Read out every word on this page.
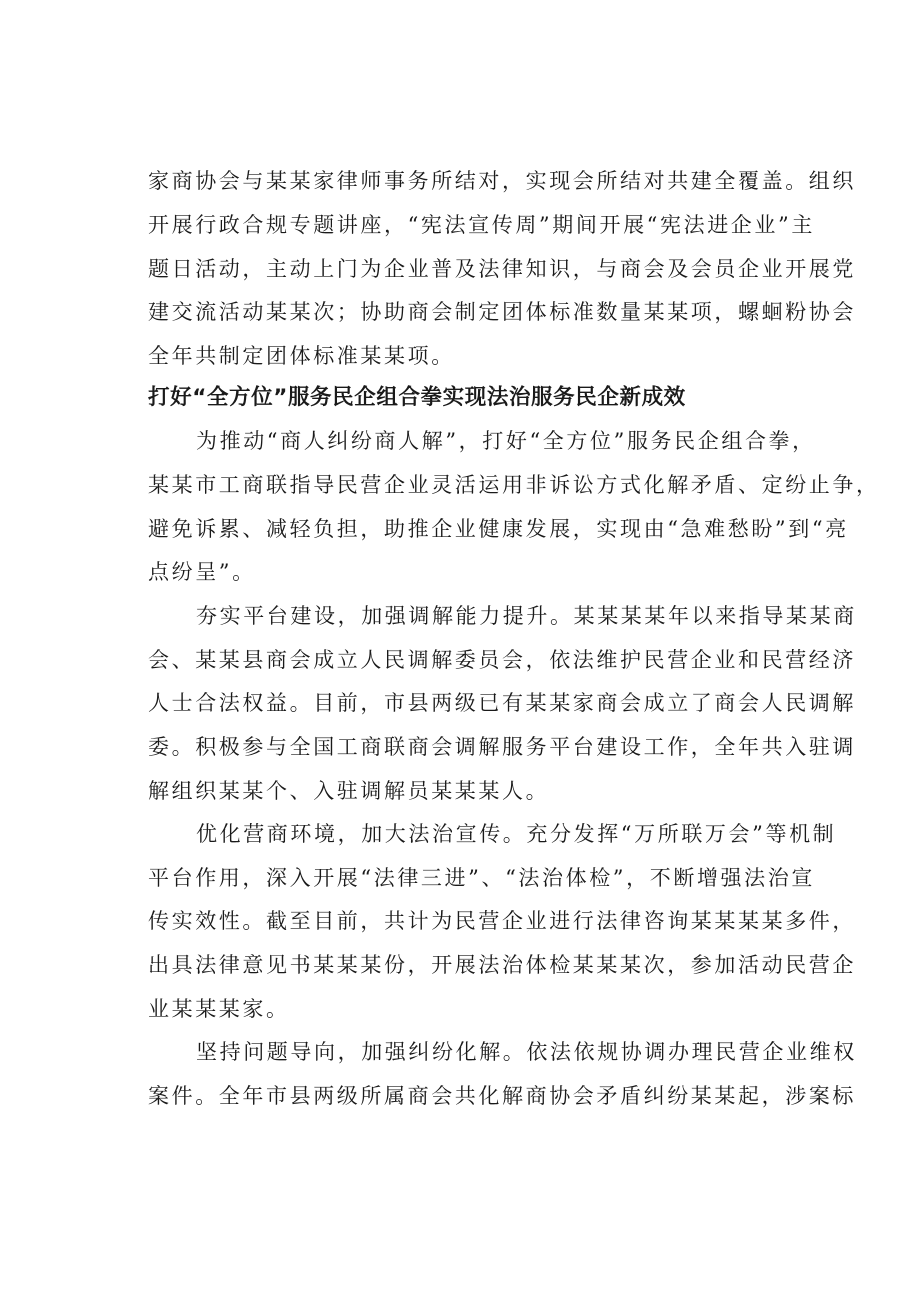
家商协会与某某家律师事务所结对，实现会所结对共建全覆盖。组织
开展行政合规专题讲座，“宪法宣传周”期间开展“宪法进企业”主
题日活动，主动上门为企业普及法律知识，与商会及会员企业开展党
建交流活动某某次；协助商会制定团体标准数量某某项，螺蛔粉协会
全年共制定团体标准某某项。
打好“全方位”服务民企组合拳实现法治服务民企新成效
为推动“商人纠纷商人解”，打好“全方位”服务民企组合拳，
某某市工商联指导民营企业灵活运用非诉讼方式化解矛盾、定纷止争，
避免诉累、减轻负担，助推企业健康发展，实现由“急难愁盼”到“亮
点纷呈”。
夯实平台建设，加强调解能力提升。某某某某年以来指导某某商
会、某某县商会成立人民调解委员会，依法维护民营企业和民营经济
人士合法权益。目前，市县两级已有某某家商会成立了商会人民调解
委。积极参与全国工商联商会调解服务平台建设工作，全年共入驻调
解组织某某个、入驻调解员某某某人。
优化营商环境，加大法治宣传。充分发挥“万所联万会”等机制
平台作用，深入开展“法律三进”、“法治体检”，不断增强法治宣
传实效性。截至目前，共计为民营企业进行法律咨询某某某某多件，
出具法律意见书某某某份，开展法治体检某某某次，参加活动民营企
业某某某家。
坚持问题导向，加强纠纷化解。依法依规协调办理民营企业维权
案件。全年市县两级所属商会共化解商协会矛盾纠纷某某起，涉案标
